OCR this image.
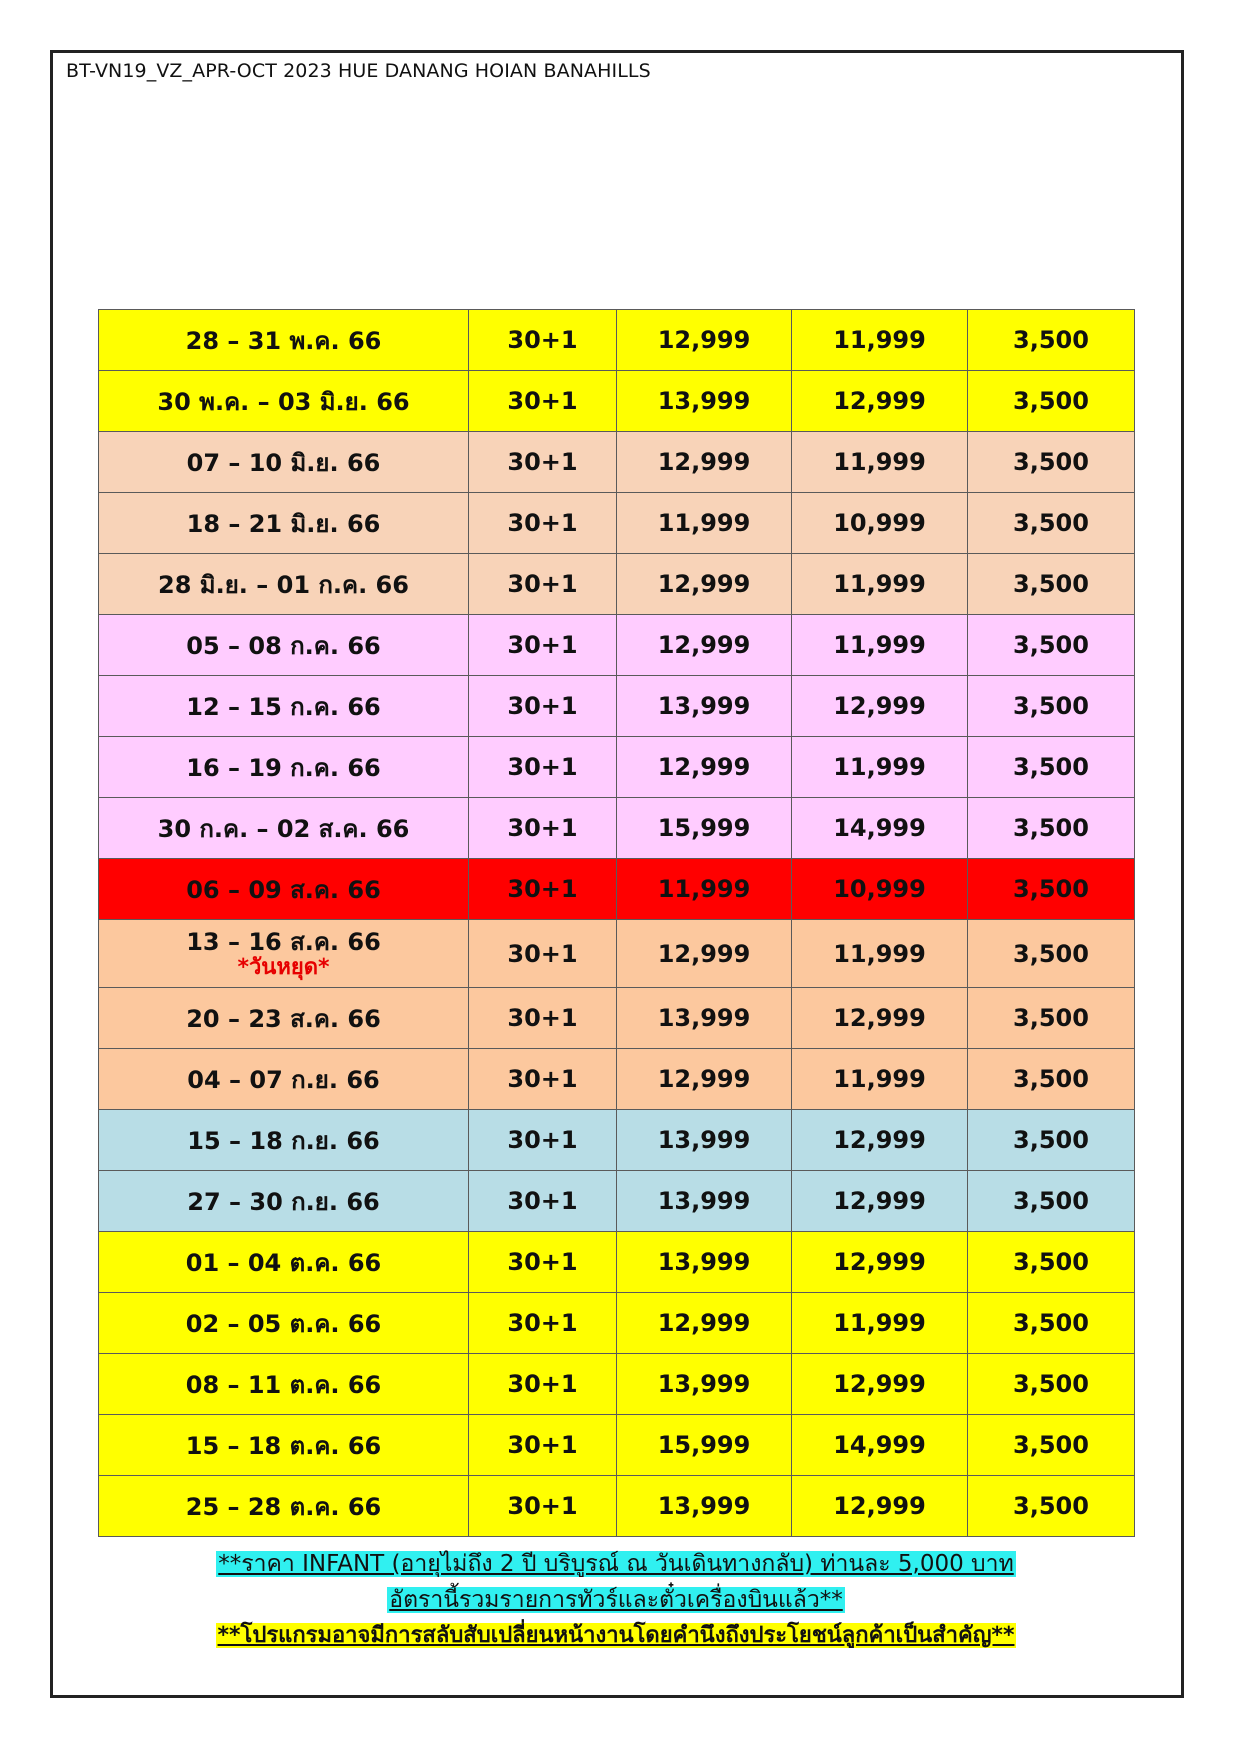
BT-VN19_VZ_APR-OCT 2023 HUE DANANG HOIAN BANAHILLS
28 – 31 พ.ค. 66	30+1	12,999	11,999	3,500
30 พ.ค. – 03 มิ.ย. 66	30+1	13,999	12,999	3,500
07 – 10 มิ.ย. 66	30+1	12,999	11,999	3,500
18 – 21 มิ.ย. 66	30+1	11,999	10,999	3,500
28 มิ.ย. – 01 ก.ค. 66	30+1	12,999	11,999	3,500
05 – 08 ก.ค. 66	30+1	12,999	11,999	3,500
12 – 15 ก.ค. 66	30+1	13,999	12,999	3,500
16 – 19 ก.ค. 66	30+1	12,999	11,999	3,500
30 ก.ค. – 02 ส.ค. 66	30+1	15,999	14,999	3,500
06 – 09 ส.ค. 66	30+1	11,999	10,999	3,500

13 – 16 ส.ค. 66
*วันหยุด*	30+1	12,999	11,999	3,500
20 – 23 ส.ค. 66	30+1	13,999	12,999	3,500
04 – 07 ก.ย. 66	30+1	12,999	11,999	3,500
15 – 18 ก.ย. 66	30+1	13,999	12,999	3,500
27 – 30 ก.ย. 66	30+1	13,999	12,999	3,500
01 – 04 ต.ค. 66	30+1	13,999	12,999	3,500
02 – 05 ต.ค. 66	30+1	12,999	11,999	3,500
08 – 11 ต.ค. 66	30+1	13,999	12,999	3,500
15 – 18 ต.ค. 66	30+1	15,999	14,999	3,500
25 – 28 ต.ค. 66	30+1	13,999	12,999	3,500
**ราคา INFANT (อายุไม่ถึง 2 ปี บริบูรณ์ ณ วันเดินทางกลับ) ท่านละ 5,000 บาท
อัตรานี้รวมรายการทัวร์และตั๋วเครื่องบินแล้ว**
**โปรแกรมอาจมีการสลับสับเปลี่ยนหน้างานโดยคำนึงถึงประโยชน์ลูกค้าเป็นสำคัญ**
